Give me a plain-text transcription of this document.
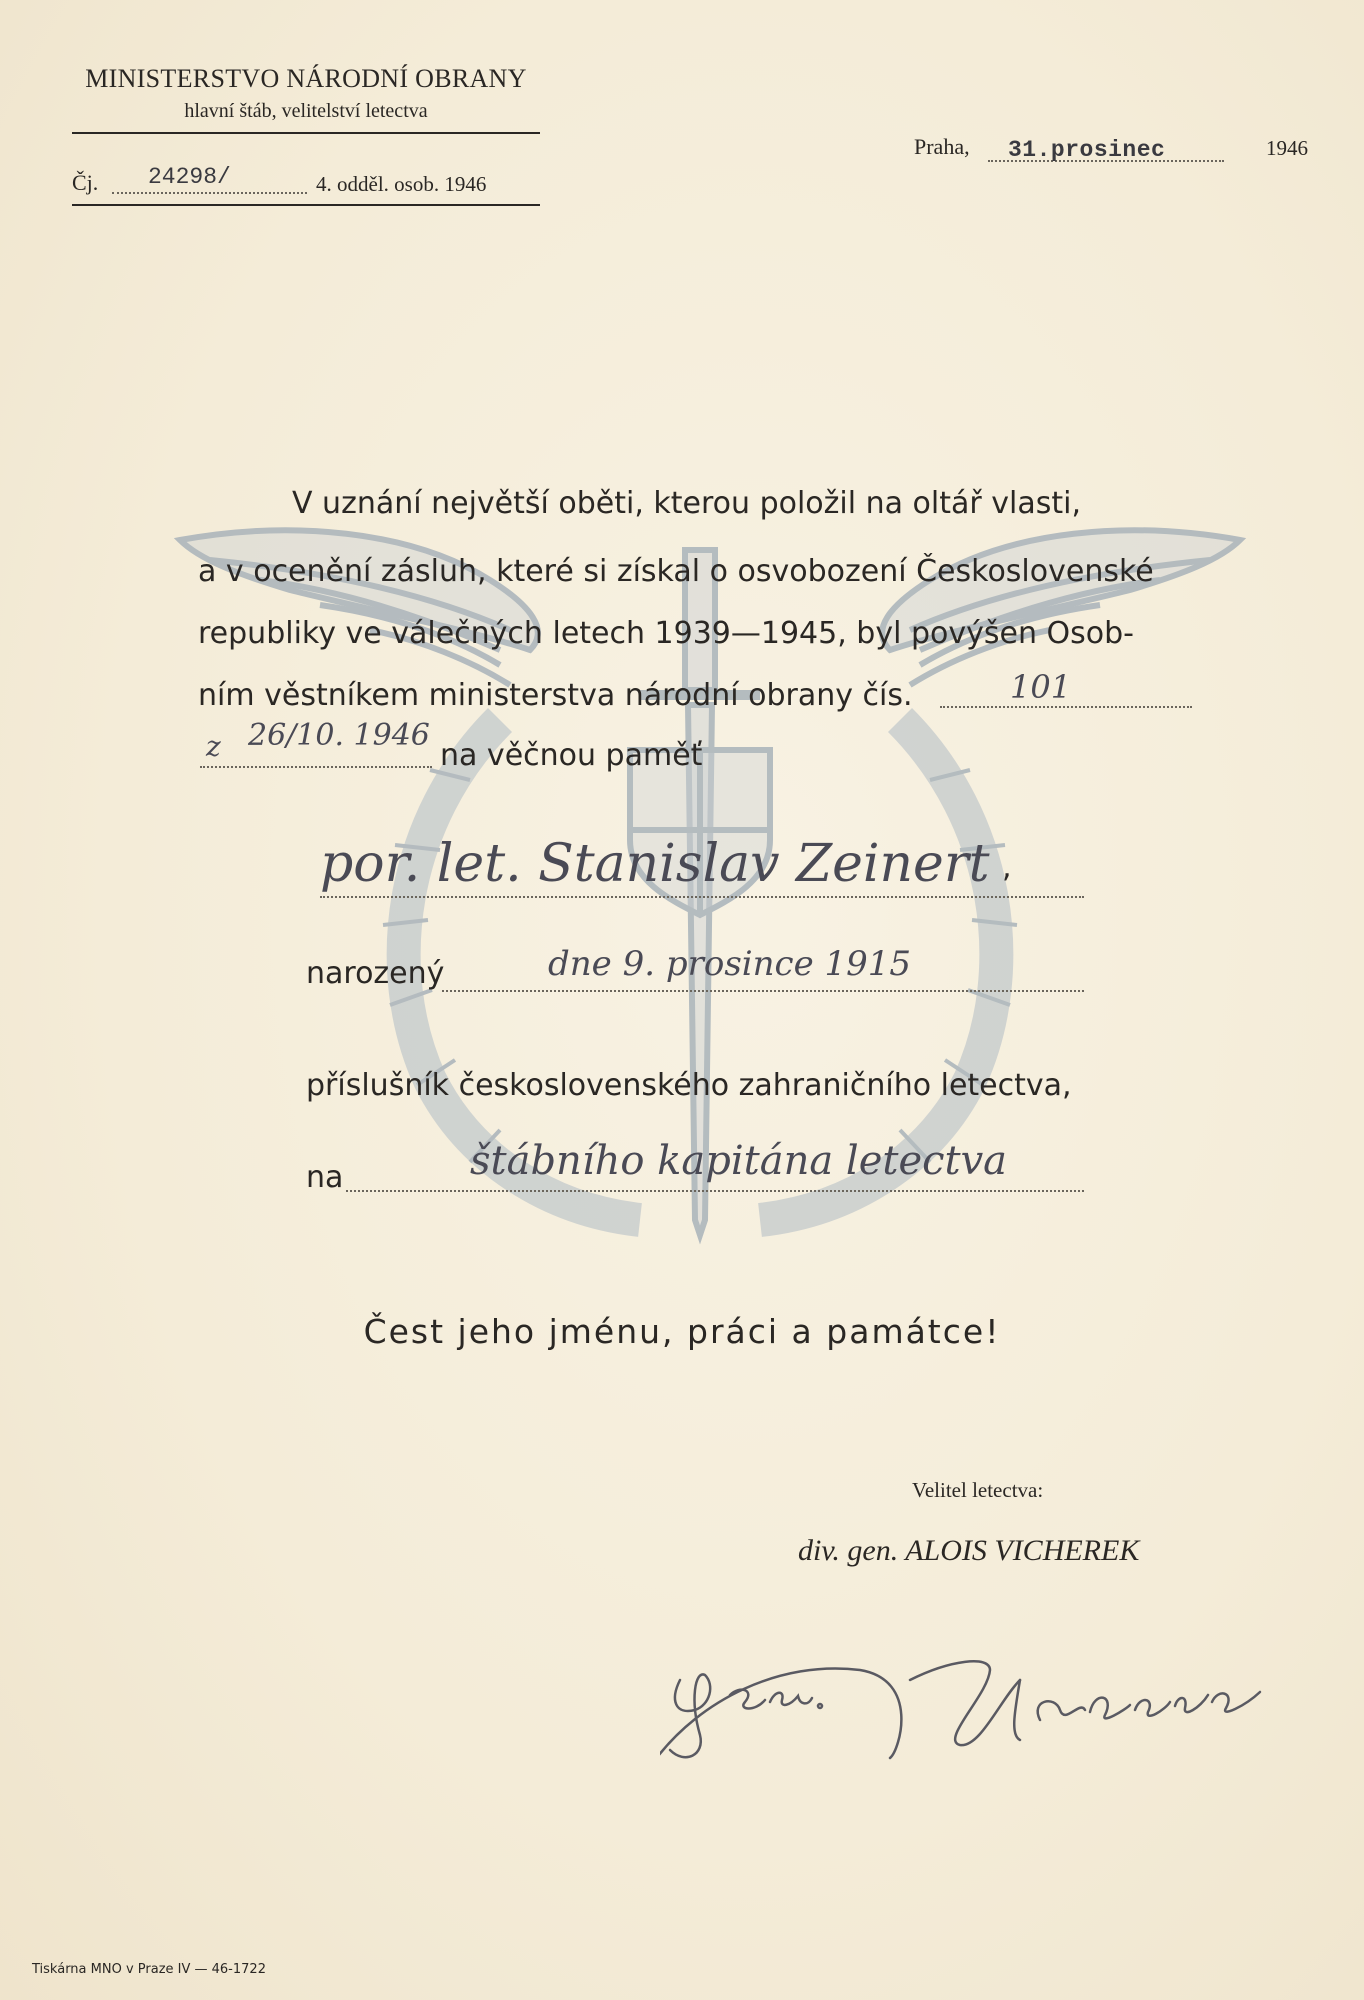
MINISTERSTVO NÁRODNÍ OBRANY
hlavní štáb, velitelství letectva
Čj. 24298/	4. odděl. osob. 1946
Praha, 31.prosinec	1946
V uznání největší oběti, kterou položil na oltář vlasti,
a v ocenění zásluh, které si získal o osvobození Československé
republiky ve válečných letech 1939—1945, byl povýšen Osob-
ním věstníkem ministerstva národní obrany čís.	101
z 26/10. 1946
na věčnou paměť
por. let. Stanislav Zeinert ,
narozený	dne 9. prosince 1915
příslušník československého zahraničního letectva,
na	štábního kapitána letectva
Čest jeho jménu, práci a památce!
Velitel letectva:
div. gen. ALOIS VICHEREK
Tiskárna MNO v Praze IV — 46-1722
